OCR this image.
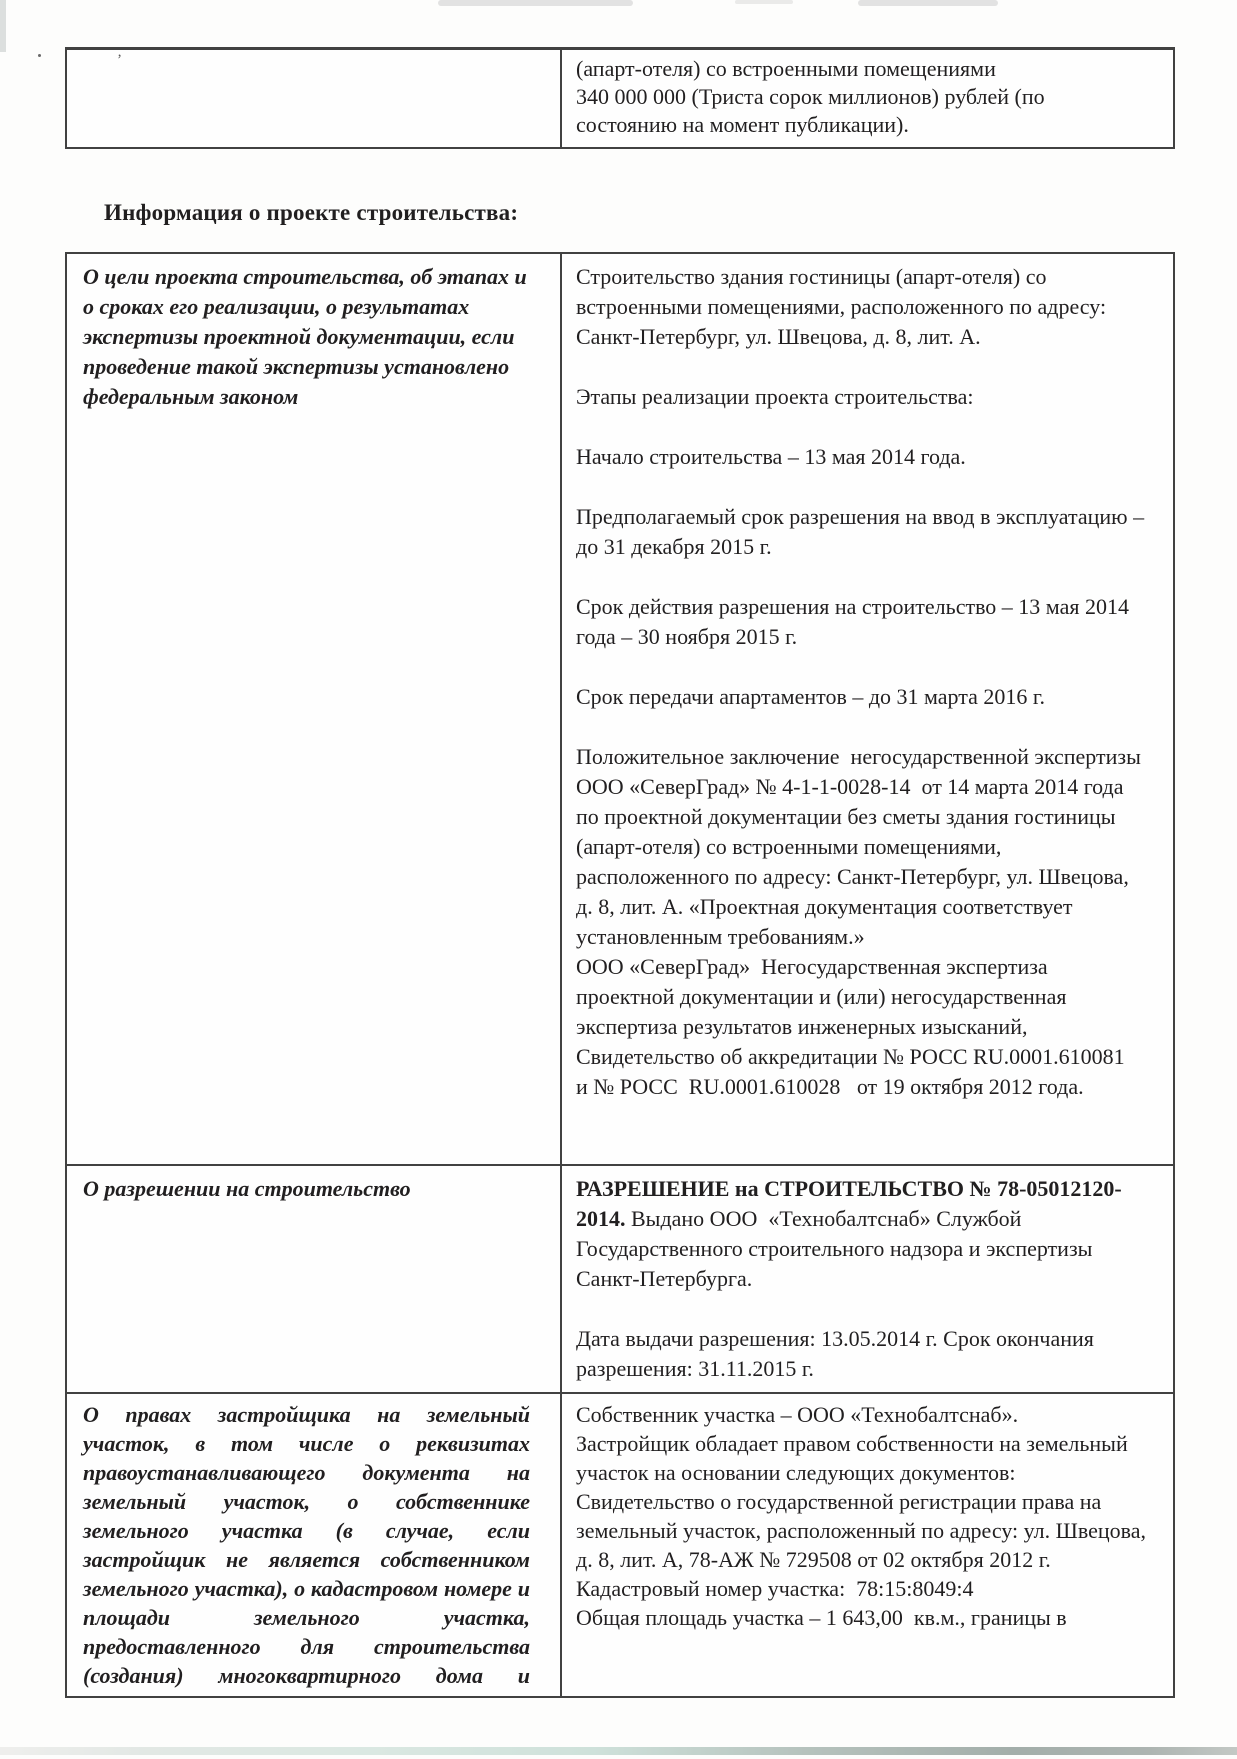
’	(апарт-отеля) со встроенными помещениями

340 000 000 (Триста сорок миллионов) рублей (по состоянию на момент публикации).

Информация о проекте строительства:

О цели проекта строительства, об этапах и о сроках его реализации, о результатах экспертизы проектной документации, если проведение такой экспертизы установлено федеральным законом

Строительство здания гостиницы (апарт-отеля) со встроенными помещениями, расположенного по адресу: Санкт-Петербург, ул. Швецова, д. 8, лит. А.

Этапы реализации проекта строительства:

Начало строительства – 13 мая 2014 года.

Предполагаемый срок разрешения на ввод в эксплуатацию – до 31 декабря 2015 г.

Срок действия разрешения на строительство – 13 мая 2014 года – 30 ноября 2015 г.

Срок передачи апартаментов – до 31 марта 2016 г.

Положительное заключение  негосударственной экспертизы ООО «СеверГрад» № 4-1-1-0028-14  от 14 марта 2014 года по проектной документации без сметы здания гостиницы (апарт-отеля) со встроенными помещениями, расположенного по адресу: Санкт-Петербург, ул. Швецова, д. 8, лит. А. «Проектная документация соответствует установленным требованиям.»

ООО «СеверГрад»  Негосударственная экспертиза проектной документации и (или) негосударственная экспертиза результатов инженерных изысканий, Свидетельство об аккредитации № РОСС RU.0001.610081  и № РОСС  RU.0001.610028   от 19 октября 2012 года.

О разрешении на строительство	РАЗРЕШЕНИЕ на СТРОИТЕЛЬСТВО № 78-05012120-2014. Выдано ООО  «Технобалтснаб» Службой Государственного строительного надзора и экспертизы Санкт-Петербурга.

Дата выдачи разрешения: 13.05.2014 г. Срок окончания разрешения: 31.11.2015 г.

О правах застройщика на земельный участок, в том числе о реквизитах правоустанавливающего документа на земельный участок, о собственнике земельного участка (в случае, если застройщик не является собственником земельного участка), о кадастровом номере и площади земельного участка, предоставленного для строительства (создания) многоквартирного дома и

Собственник участка – ООО «Технобалтснаб».

Застройщик обладает правом собственности на земельный участок на основании следующих документов:

Свидетельство о государственной регистрации права на земельный участок, расположенный по адресу: ул. Швецова, д. 8, лит. А, 78-АЖ № 729508 от 02 октября 2012 г.

Кадастровый номер участка:  78:15:8049:4

Общая площадь участка – 1 643,00  кв.м., границы в
